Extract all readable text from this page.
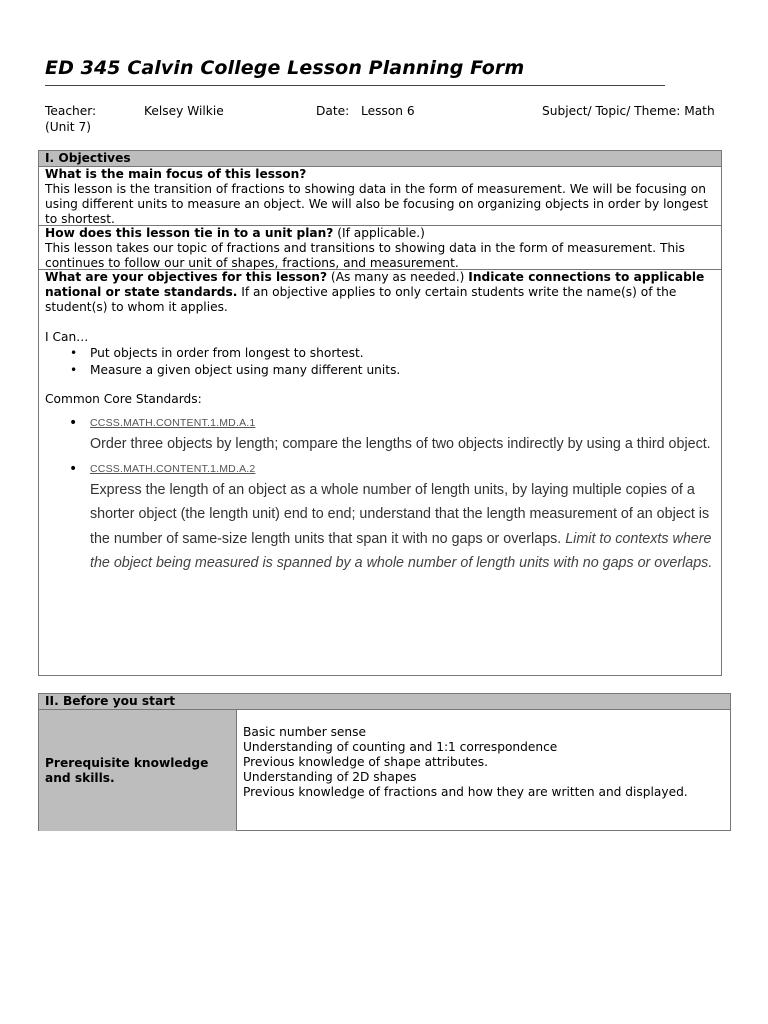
ED 345 Calvin College Lesson Planning Form
Teacher:	Kelsey Wilkie	Date: Lesson 6	Subject/ Topic/ Theme: Math
(Unit 7)
I. Objectives
What is the main focus of this lesson?
This lesson is the transition of fractions to showing data in the form of measurement. We will be focusing on using different units to measure an object. We will also be focusing on organizing objects in order by longest to shortest.
How does this lesson tie in to a unit plan? (If applicable.)
This lesson takes our topic of fractions and transitions to showing data in the form of measurement. This continues to follow our unit of shapes, fractions, and measurement.
What are your objectives for this lesson? (As many as needed.) Indicate connections to applicable national or state standards. If an objective applies to only certain students write the name(s) of the student(s) to whom it applies.
I Can…
• Put objects in order from longest to shortest.
• Measure a given object using many different units.
Common Core Standards:
• CCSS.MATH.CONTENT.1.MD.A.1
Order three objects by length; compare the lengths of two objects indirectly by using a third object.
• CCSS.MATH.CONTENT.1.MD.A.2
Express the length of an object as a whole number of length units, by laying multiple copies of a shorter object (the length unit) end to end; understand that the length measurement of an object is the number of same-size length units that span it with no gaps or overlaps. Limit to contexts where the object being measured is spanned by a whole number of length units with no gaps or overlaps.
II. Before you start
Prerequisite knowledge and skills.
Basic number sense
Understanding of counting and 1:1 correspondence
Previous knowledge of shape attributes.
Understanding of 2D shapes
Previous knowledge of fractions and how they are written and displayed.
